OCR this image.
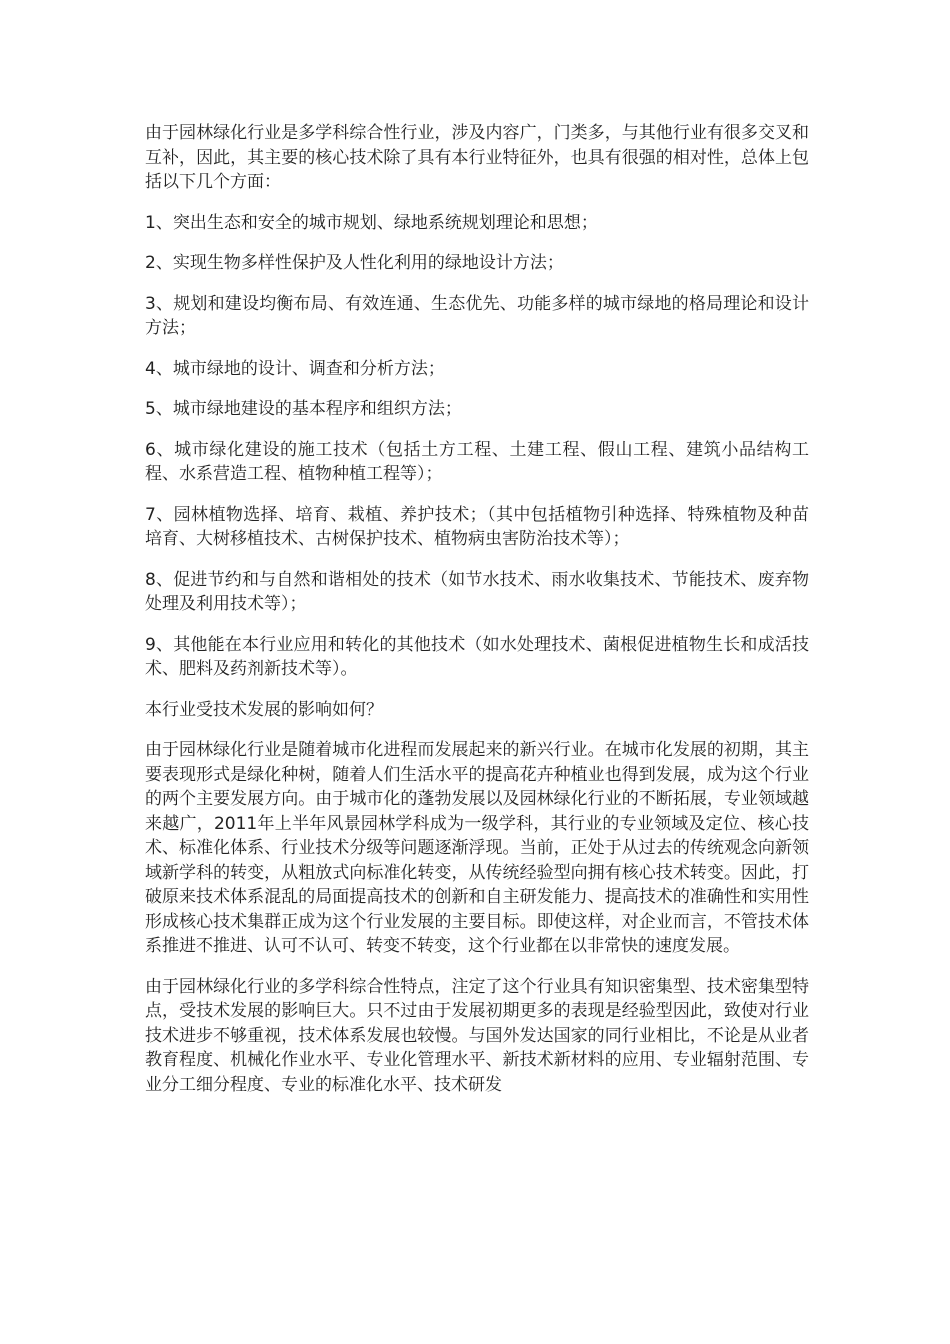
由于园林绿化行业是多学科综合性行业，涉及内容广，门类多，与其他行业有很多交叉和互补，因此，其主要的核心技术除了具有本行业特征外，也具有很强的相对性，总体上包括以下几个方面：

1、突出生态和安全的城市规划、绿地系统规划理论和思想；

2、实现生物多样性保护及人性化利用的绿地设计方法；

3、规划和建设均衡布局、有效连通、生态优先、功能多样的城市绿地的格局理论和设计方法；

4、城市绿地的设计、调查和分析方法；

5、城市绿地建设的基本程序和组织方法；

6、城市绿化建设的施工技术（包括土方工程、土建工程、假山工程、建筑小品结构工程、水系营造工程、植物种植工程等）；

7、园林植物选择、培育、栽植、养护技术；（其中包括植物引种选择、特殊植物及种苗培育、大树移植技术、古树保护技术、植物病虫害防治技术等）；

8、促进节约和与自然和谐相处的技术（如节水技术、雨水收集技术、节能技术、废弃物处理及利用技术等）；

9、其他能在本行业应用和转化的其他技术（如水处理技术、菌根促进植物生长和成活技术、肥料及药剂新技术等）。

本行业受技术发展的影响如何？

由于园林绿化行业是随着城市化进程而发展起来的新兴行业。在城市化发展的初期，其主要表现形式是绿化种树，随着人们生活水平的提高花卉种植业也得到发展，成为这个行业的两个主要发展方向。由于城市化的蓬勃发展以及园林绿化行业的不断拓展，专业领域越来越广，2011年上半年风景园林学科成为一级学科，其行业的专业领域及定位、核心技术、标准化体系、行业技术分级等问题逐渐浮现。当前，正处于从过去的传统观念向新领域新学科的转变，从粗放式向标准化转变，从传统经验型向拥有核心技术转变。因此，打破原来技术体系混乱的局面提高技术的创新和自主研发能力、提高技术的准确性和实用性形成核心技术集群正成为这个行业发展的主要目标。即使这样，对企业而言，不管技术体系推进不推进、认可不认可、转变不转变，这个行业都在以非常快的速度发展。

由于园林绿化行业的多学科综合性特点，注定了这个行业具有知识密集型、技术密集型特点，受技术发展的影响巨大。只不过由于发展初期更多的表现是经验型因此，致使对行业技术进步不够重视，技术体系发展也较慢。与国外发达国家的同行业相比，不论是从业者教育程度、机械化作业水平、专业化管理水平、新技术新材料的应用、专业辐射范围、专业分工细分程度、专业的标准化水平、技术研发
